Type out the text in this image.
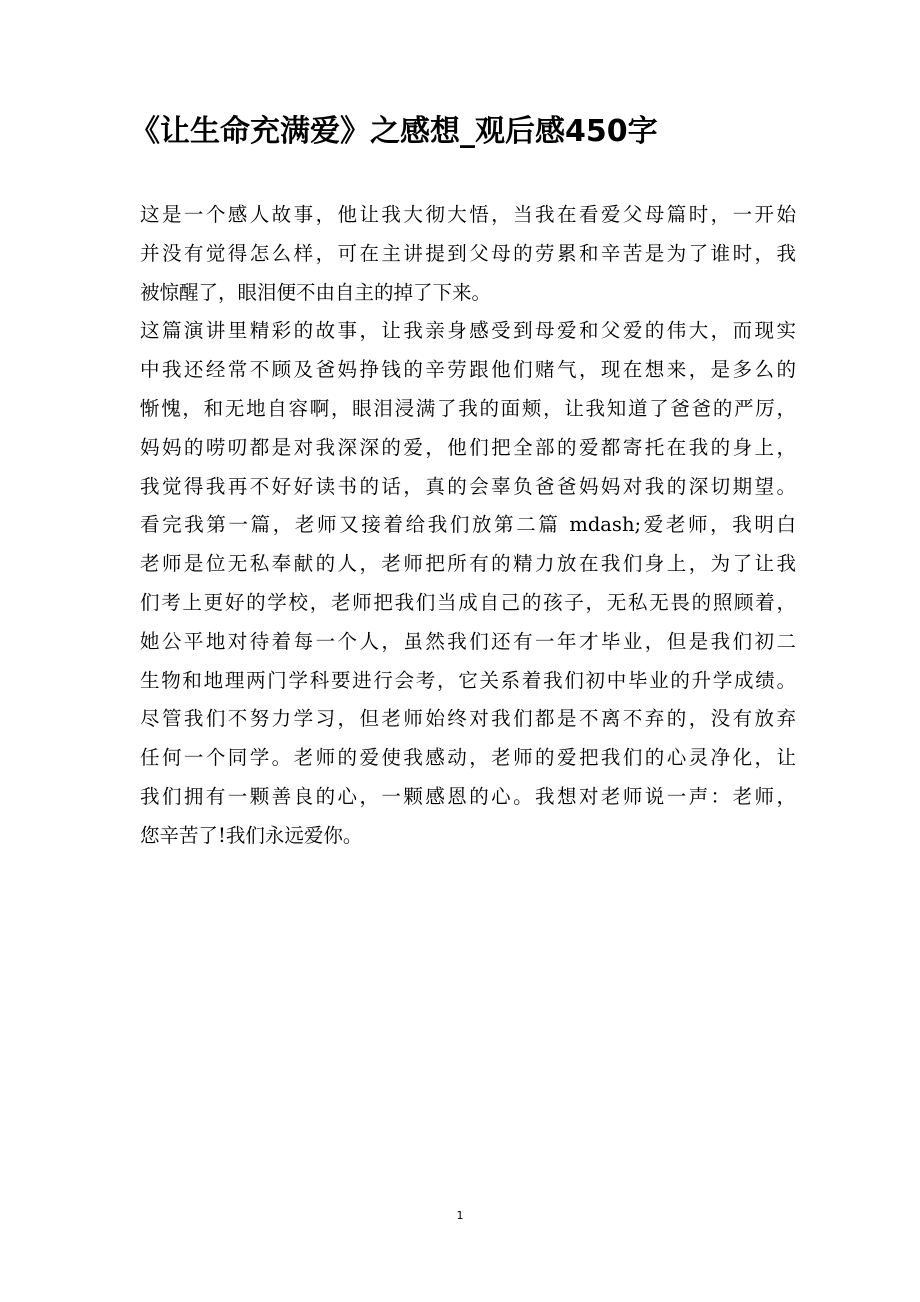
《让生命充满爱》之感想_观后感450字
这是一个感人故事，他让我大彻大悟，当我在看爱父母篇时，一开始
并没有觉得怎么样，可在主讲提到父母的劳累和辛苦是为了谁时，我
被惊醒了，眼泪便不由自主的掉了下来。
这篇演讲里精彩的故事，让我亲身感受到母爱和父爱的伟大，而现实
中我还经常不顾及爸妈挣钱的辛劳跟他们赌气，现在想来，是多么的
惭愧，和无地自容啊，眼泪浸满了我的面颊，让我知道了爸爸的严厉，
妈妈的唠叨都是对我深深的爱，他们把全部的爱都寄托在我的身上，
我觉得我再不好好读书的话，真的会辜负爸爸妈妈对我的深切期望。
看完我第一篇，老师又接着给我们放第二篇 mdash;爱老师，我明白
老师是位无私奉献的人，老师把所有的精力放在我们身上，为了让我
们考上更好的学校，老师把我们当成自己的孩子，无私无畏的照顾着，
她公平地对待着每一个人，虽然我们还有一年才毕业，但是我们初二
生物和地理两门学科要进行会考，它关系着我们初中毕业的升学成绩。
尽管我们不努力学习，但老师始终对我们都是不离不弃的，没有放弃
任何一个同学。老师的爱使我感动，老师的爱把我们的心灵净化，让
我们拥有一颗善良的心，一颗感恩的心。我想对老师说一声：老师，
您辛苦了!我们永远爱你。
1
